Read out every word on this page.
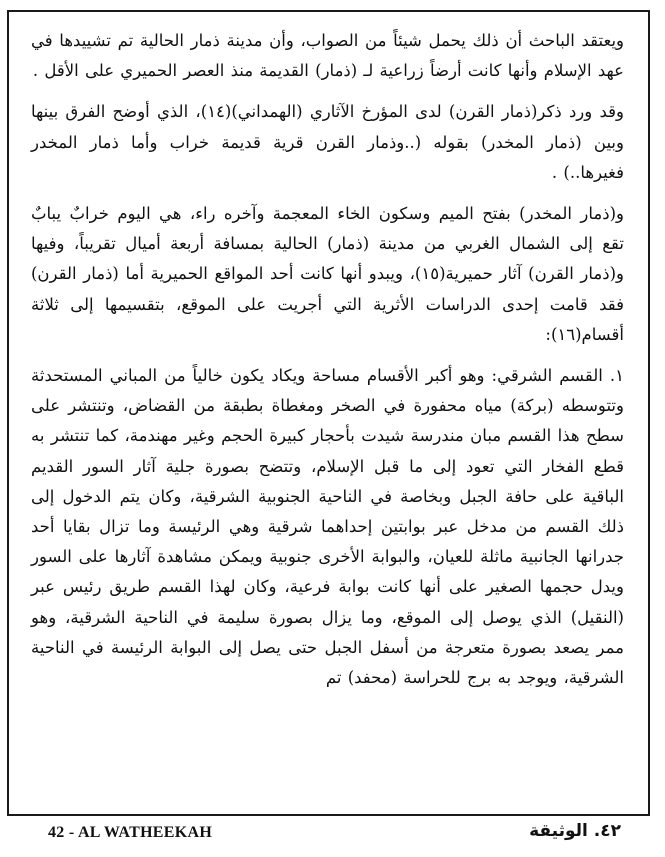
ويعتقد الباحث أن ذلك يحمل شيئاً من الصواب، وأن مدينة ذمار الحالية تم تشييدها في عهد الإسلام وأنها كانت أرضاً زراعية لـ (ذمار) القديمة منذ العصر الحميري على الأقل .

وقد ورد ذكر(ذمار القرن) لدى المؤرخ الآثاري (الهمداني)(١٤)، الذي أوضح الفرق بينها وبين (ذمار المخدر) بقوله (..وذمار القرن قرية قديمة خراب وأما ذمار المخدر فغيرها..) .

و(ذمار المخدر) بفتح الميم وسكون الخاء المعجمة وآخره راء، هي اليوم خرابٌ يبابٌ تقع إلى الشمال الغربي من مدينة (ذمار) الحالية بمسافة أربعة أميال تقريباً، وفيها و(ذمار القرن) آثار حميرية(١٥)، ويبدو أنها كانت أحد المواقع الحميرية أما (ذمار القرن) فقد قامت إحدى الدراسات الأثرية التي أجريت على الموقع، بتقسيمها إلى ثلاثة أقسام(١٦):

١. القسم الشرقي: وهو أكبر الأقسام مساحة ويكاد يكون خالياً من المباني المستحدثة وتتوسطه (بركة) مياه محفورة في الصخر ومغطاة بطبقة من القضاض، وتنتشر على سطح هذا القسم مبان مندرسة شيدت بأحجار كبيرة الحجم وغير مهندمة، كما تنتشر به قطع الفخار التي تعود إلى ما قبل الإسلام، وتتضح بصورة جلية آثار السور القديم الباقية على حافة الجبل وبخاصة في الناحية الجنوبية الشرقية، وكان يتم الدخول إلى ذلك القسم من مدخل عبر بوابتين إحداهما شرقية وهي الرئيسة وما تزال بقايا أحد جدرانها الجانبية ماثلة للعيان، والبوابة الأخرى جنوبية ويمكن مشاهدة آثارها على السور ويدل حجمها الصغير على أنها كانت بوابة فرعية، وكان لهذا القسم طريق رئيس عبر (النقيل) الذي يوصل إلى الموقع، وما يزال بصورة سليمة في الناحية الشرقية، وهو ممر يصعد بصورة متعرجة من أسفل الجبل حتى يصل إلى البوابة الرئيسة في الناحية الشرقية، ويوجد به برج للحراسة (محفد) تم

42 - AL WATHEEKAH	٤٢. الوثيقة
